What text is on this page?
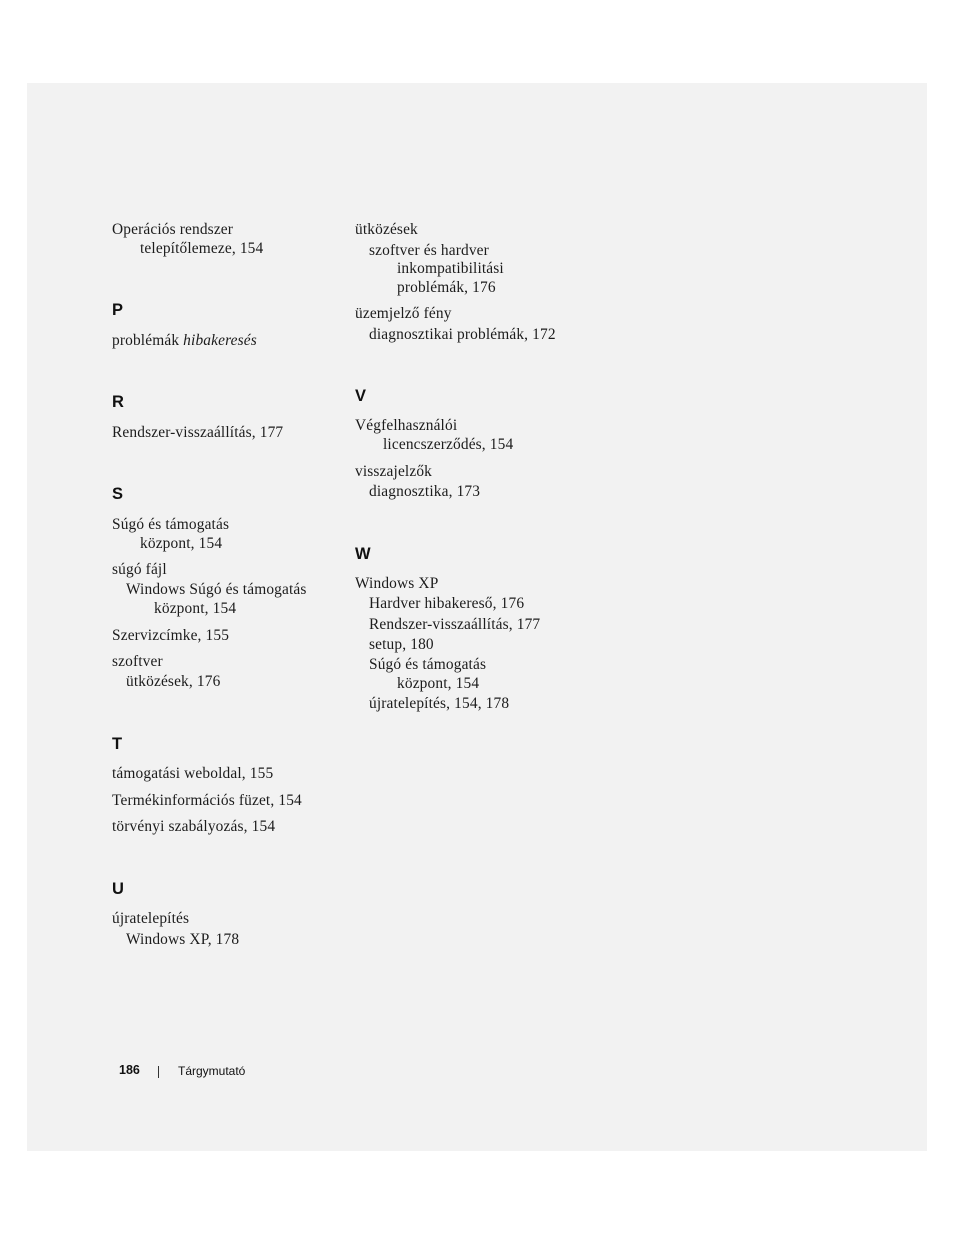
Operációs rendszer
telepítőlemeze, 154
P
problémák hibakeresés
R
Rendszer-visszaállítás, 177
S
Súgó és támogatás
központ, 154
súgó fájl
Windows Súgó és támogatás
központ, 154
Szervizcímke, 155
szoftver
ütközések, 176
T
támogatási weboldal, 155
Termékinformációs füzet, 154
törvényi szabályozás, 154
U
újratelepítés
Windows XP, 178
ütközések
szoftver és hardver
inkompatibilitási
problémák, 176
üzemjelző fény
diagnosztikai problémák, 172
V
Végfelhasználói
licencszerződés, 154
visszajelzők
diagnosztika, 173
W
Windows XP
Hardver hibakereső, 176
Rendszer-visszaállítás, 177
setup, 180
Súgó és támogatás
központ, 154
újratelepítés, 154, 178
186	Tárgymutató
